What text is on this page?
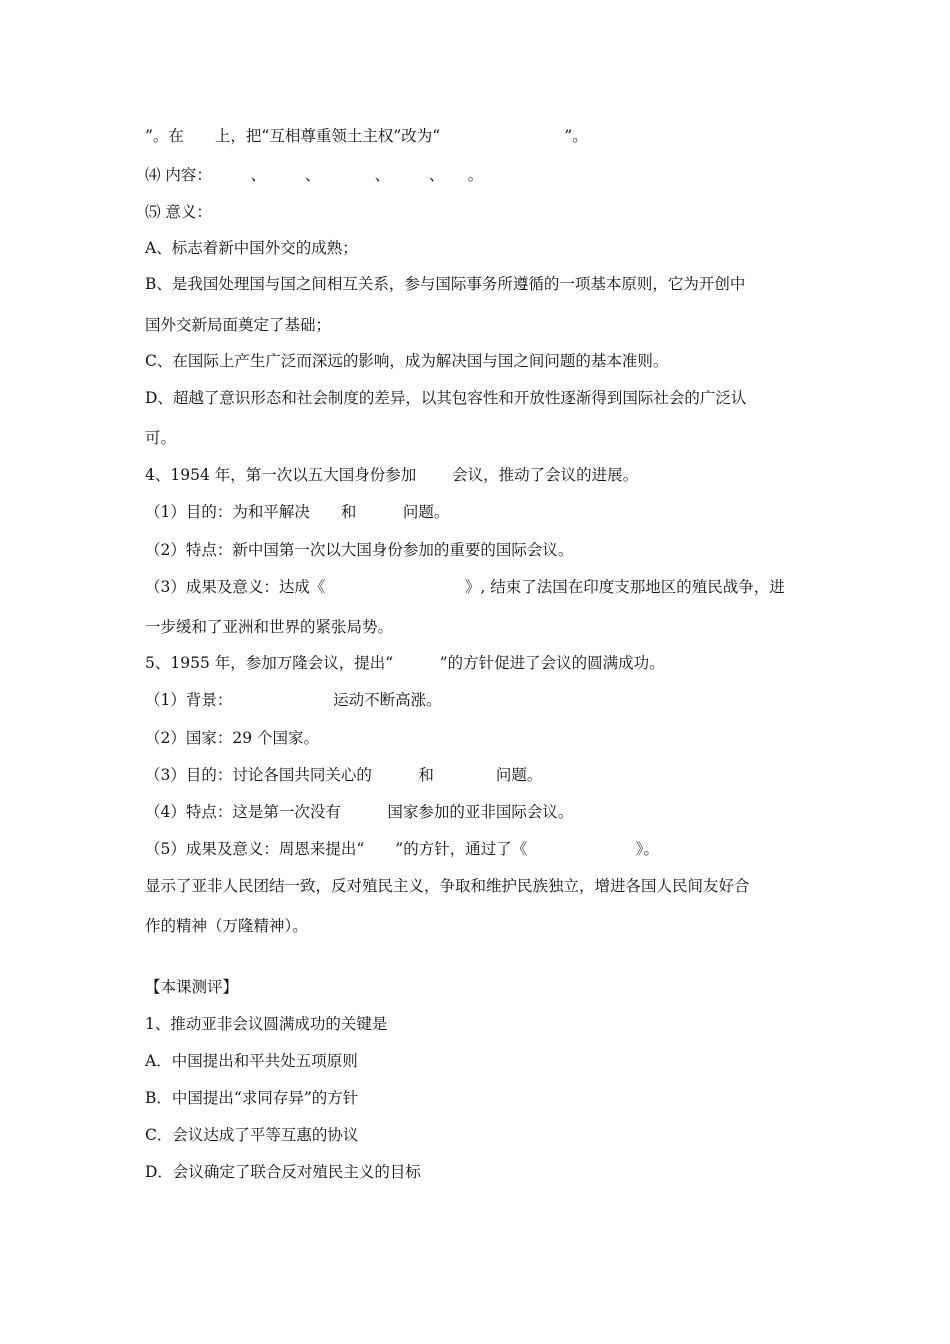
”。在　　上，把“互相尊重领土主权”改为“　　　　　　　　”。
⑷ 内容：　　　、　　　、　　　　、　　　、　　。
⑸ 意义：
A、标志着新中国外交的成熟；
B、是我国处理国与国之间相互关系，参与国际事务所遵循的一项基本原则，它为开创中
国外交新局面奠定了基础；
C、在国际上产生广泛而深远的影响，成为解决国与国之间问题的基本准则。
D、超越了意识形态和社会制度的差异，以其包容性和开放性逐渐得到国际社会的广泛认
可。
4、1954 年，第一次以五大国身份参加　　 会议，推动了会议的进展。
（1）目的：为和平解决　　和　　　问题。
（2）特点：新中国第一次以大国身份参加的重要的国际会议。
（3）成果及意义：达成《　　　　　　　　　》, 结束了法国在印度支那地区的殖民战争，进
一步缓和了亚洲和世界的紧张局势。
5、1955 年，参加万隆会议，提出“　　　”的方针促进了会议的圆满成功。
（1）背景：　　　　　　　运动不断高涨。
（2）国家：29 个国家。
（3）目的：讨论各国共同关心的　　　和　　　　问题。
（4）特点：这是第一次没有　　　国家参加的亚非国际会议。
（5）成果及意义：周恩来提出“　　”的方针，通过了《　　　　　　　》。
显示了亚非人民团结一致，反对殖民主义，争取和维护民族独立，增进各国人民间友好合
作的精神（万隆精神）。
【本课测评】
1、推动亚非会议圆满成功的关键是
A．中国提出和平共处五项原则
B．中国提出“求同存异”的方针
C．会议达成了平等互惠的协议
D．会议确定了联合反对殖民主义的目标
